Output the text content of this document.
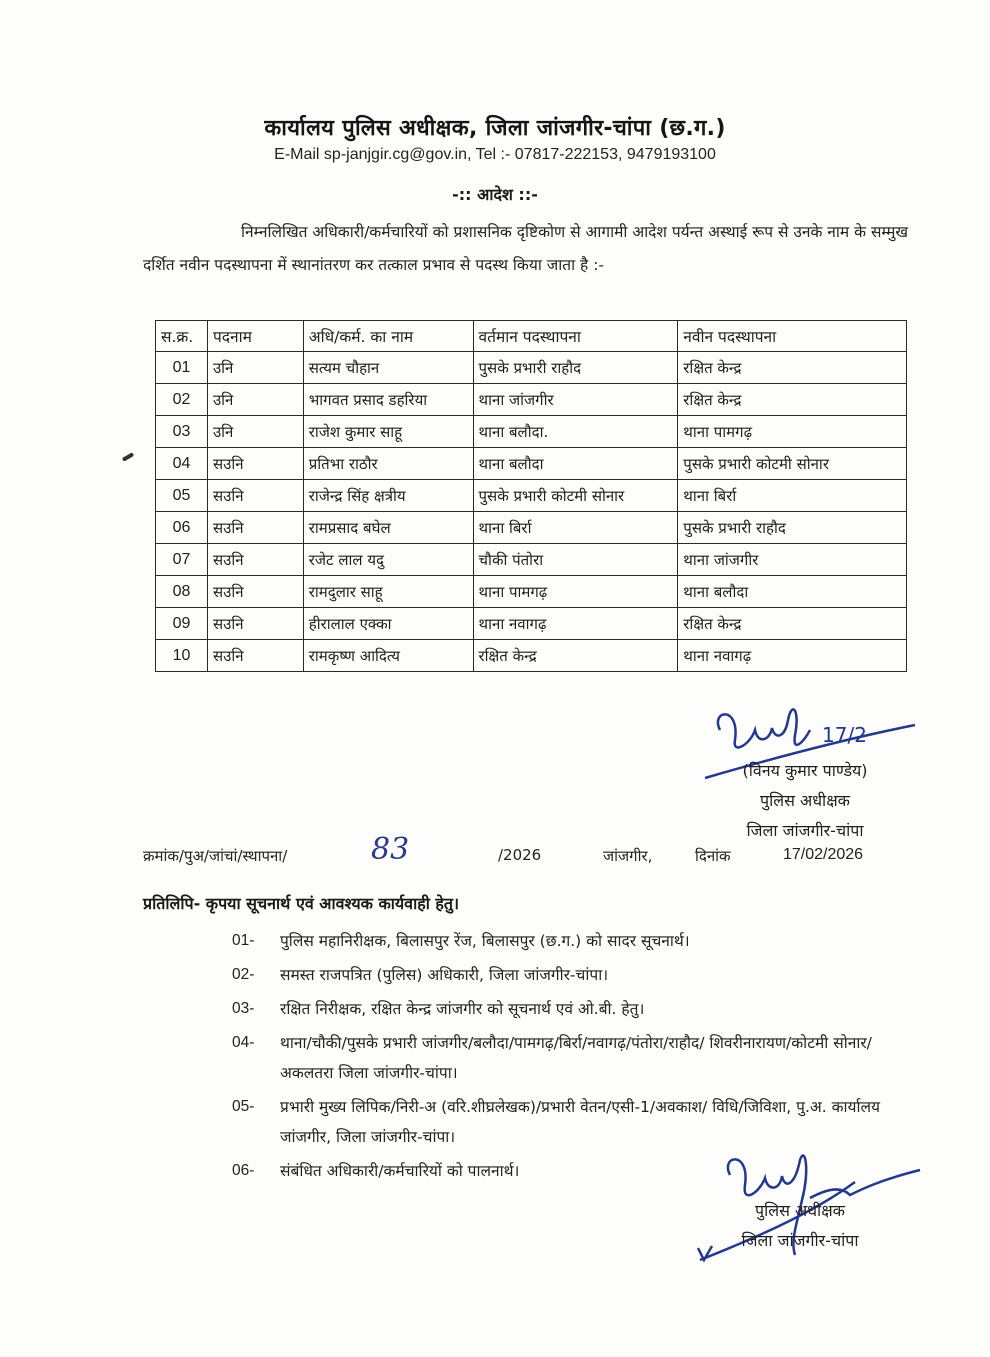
कार्यालय पुलिस अधीक्षक, जिला जांजगीर-चांपा (छ.ग.)
E-Mail sp-janjgir.cg@gov.in, Tel :- 07817-222153, 9479193100
-:: आदेश ::-
निम्नलिखित अधिकारी/कर्मचारियों को प्रशासनिक दृष्टिकोण से आगामी आदेश पर्यन्त अस्थाई रूप से उनके नाम के सम्मुख दर्शित नवीन पदस्थापना में स्थानांतरण कर तत्काल प्रभाव से पदस्थ किया जाता है :-
स.क्र.	पदनाम	अधि/कर्म. का नाम	वर्तमान पदस्थापना	नवीन पदस्थापना
01	उनि	सत्यम चौहान	पुसके प्रभारी राहौद	रक्षित केन्द्र
02	उनि	भागवत प्रसाद डहरिया	थाना जांजगीर	रक्षित केन्द्र
03	उनि	राजेश कुमार साहू	थाना बलौदा.	थाना पामगढ़
04	सउनि	प्रतिभा राठौर	थाना बलौदा	पुसके प्रभारी कोटमी सोनार
05	सउनि	राजेन्द्र सिंह क्षत्रीय	पुसके प्रभारी कोटमी सोनार	थाना बिर्रा
06	सउनि	रामप्रसाद बघेल	थाना बिर्रा	पुसके प्रभारी राहौद
07	सउनि	रजेट लाल यदु	चौकी पंतोरा	थाना जांजगीर
08	सउनि	रामदुलार साहू	थाना पामगढ़	थाना बलौदा
09	सउनि	हीरालाल एक्का	थाना नवागढ़	रक्षित केन्द्र
10	सउनि	रामकृष्ण आदित्य	रक्षित केन्द्र	थाना नवागढ़
17/2
(विनय कुमार पाण्डेय)
पुलिस अधीक्षक
जिला जांजगीर-चांपा
क्रमांक/पुअ/जांचां/स्थापना/	83	/2026	जांजगीर,	दिनांक	17/02/2026
प्रतिलिपि- कृपया सूचनार्थ एवं आवश्यक कार्यवाही हेतु।
01- पुलिस महानिरीक्षक, बिलासपुर रेंज, बिलासपुर (छ.ग.) को सादर सूचनार्थ।
02- समस्त राजपत्रित (पुलिस) अधिकारी, जिला जांजगीर-चांपा।
03- रक्षित निरीक्षक, रक्षित केन्द्र जांजगीर को सूचनार्थ एवं ओ.बी. हेतु।
04- थाना/चौकी/पुसके प्रभारी जांजगीर/बलौदा/पामगढ़/बिर्रा/नवागढ़/पंतोरा/राहौद/ शिवरीनारायण/कोटमी सोनार/अकलतरा जिला जांजगीर-चांपा।
05- प्रभारी मुख्य लिपिक/निरी-अ (वरि.शीघ्रलेखक)/प्रभारी वेतन/एसी-1/अवकाश/ विधि/जिविशा, पु.अ. कार्यालय जांजगीर, जिला जांजगीर-चांपा।
06- संबंधित अधिकारी/कर्मचारियों को पालनार्थ।
पुलिस अधीक्षक
जिला जांजगीर-चांपा
